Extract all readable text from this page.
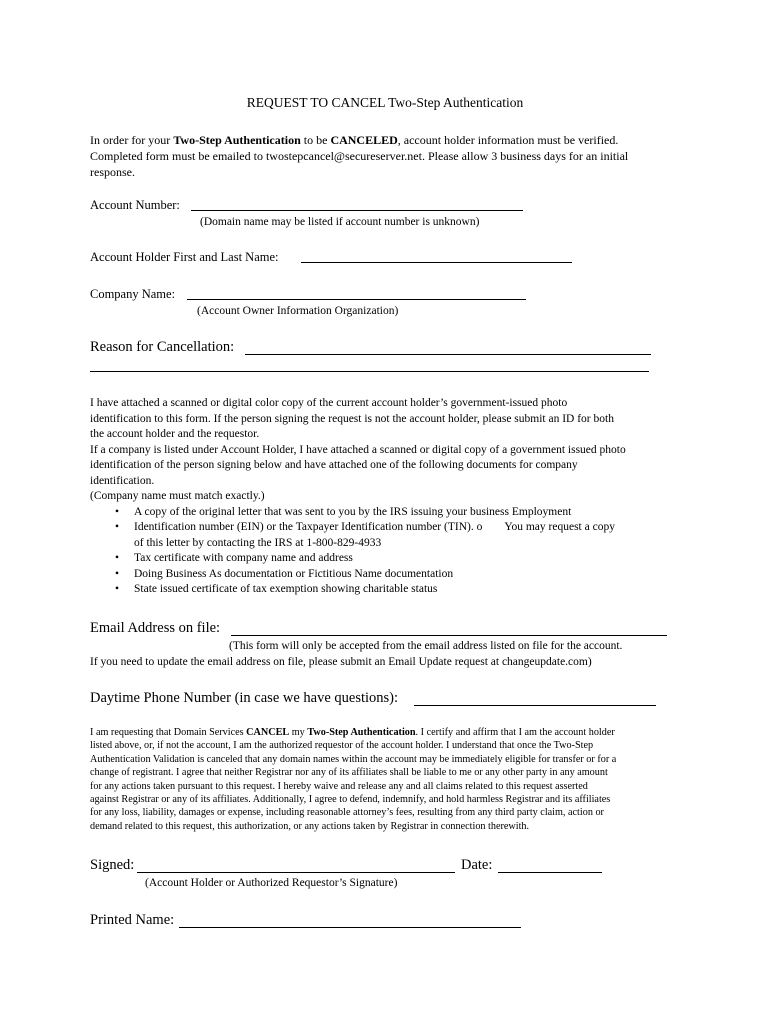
REQUEST TO CANCEL Two-Step Authentication
In order for your Two-Step Authentication to be CANCELED, account holder information must be verified.
Completed form must be emailed to twostepcancel@secureserver.net. Please allow 3 business days for an initial
response.
Account Number:
(Domain name may be listed if account number is unknown)
Account Holder First and Last Name:
Company Name:
(Account Owner Information Organization)
Reason for Cancellation:
I have attached a scanned or digital color copy of the current account holder’s government-issued photo
identification to this form. If the person signing the request is not the account holder, please submit an ID for both
the account holder and the requestor.
If a company is listed under Account Holder, I have attached a scanned or digital copy of a government issued photo
identification of the person signing below and have attached one of the following documents for company
identification.
(Company name must match exactly.)
• A copy of the original letter that was sent to you by the IRS issuing your business Employment
• Identification number (EIN) or the Taxpayer Identification number (TIN). o You may request a copy
of this letter by contacting the IRS at 1-800-829-4933
• Tax certificate with company name and address
• Doing Business As documentation or Fictitious Name documentation
• State issued certificate of tax exemption showing charitable status
Email Address on file:
(This form will only be accepted from the email address listed on file for the account.
If you need to update the email address on file, please submit an Email Update request at changeupdate.com)
Daytime Phone Number (in case we have questions):
I am requesting that Domain Services CANCEL my Two-Step Authentication. I certify and affirm that I am the account holder
listed above, or, if not the account, I am the authorized requestor of the account holder. I understand that once the Two-Step
Authentication Validation is canceled that any domain names within the account may be immediately eligible for transfer or for a
change of registrant. I agree that neither Registrar nor any of its affiliates shall be liable to me or any other party in any amount
for any actions taken pursuant to this request. I hereby waive and release any and all claims related to this request asserted
against Registrar or any of its affiliates. Additionally, I agree to defend, indemnify, and hold harmless Registrar and its affiliates
for any loss, liability, damages or expense, including reasonable attorney’s fees, resulting from any third party claim, action or
demand related to this request, this authorization, or any actions taken by Registrar in connection therewith.
Signed:	Date:
(Account Holder or Authorized Requestor’s Signature)
Printed Name:
